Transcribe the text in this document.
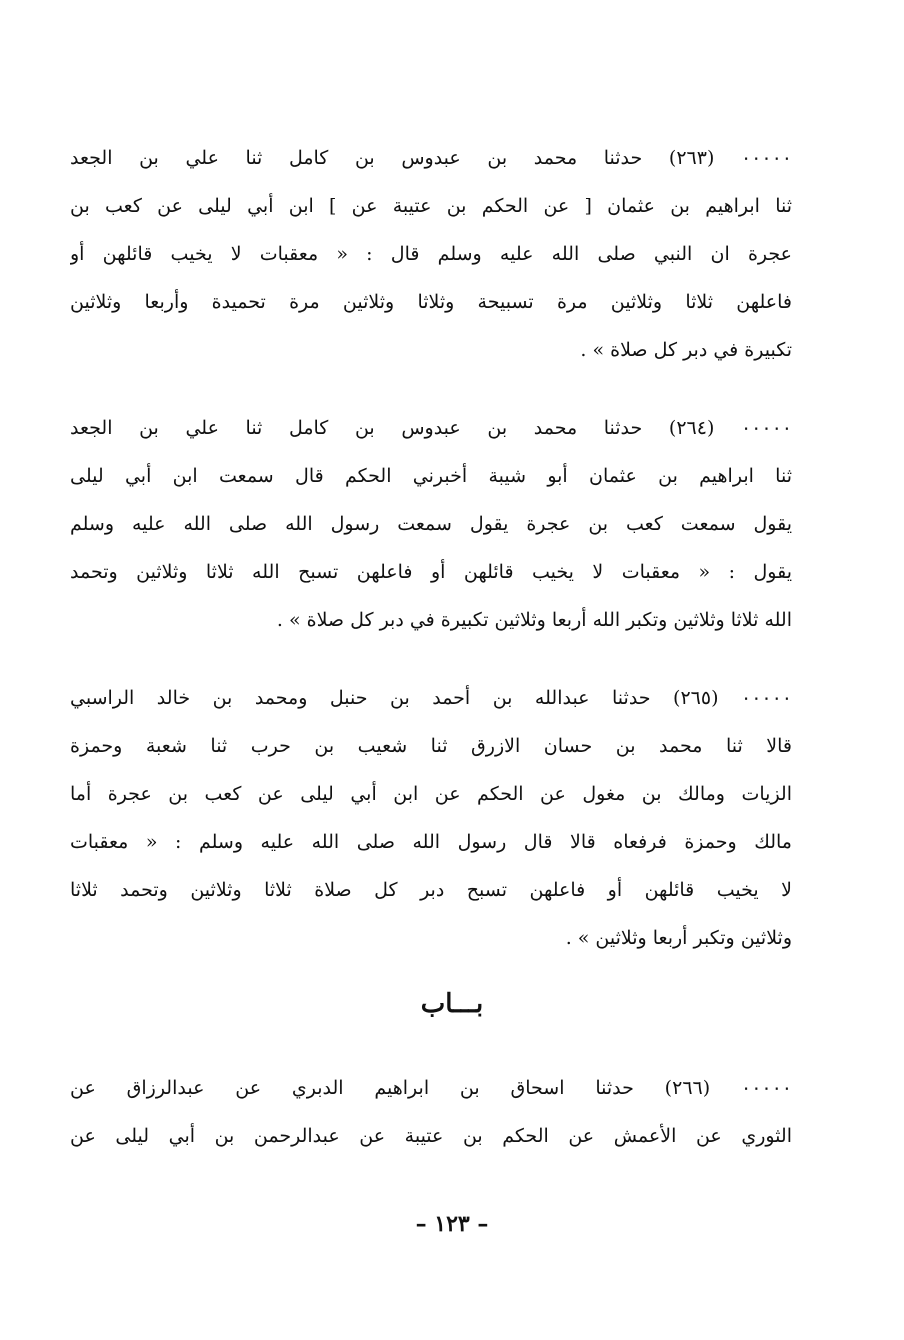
٠٠٠٠٠ (٢٦٣) حدثنا محمد بن عبدوس بن كامل ثنا علي بن الجعد
ثنا ابراهيم بن عثمان [ عن الحكم بن عتيبة عن ] ابن أبي ليلى عن كعب بن
عجرة ان النبي صلى الله عليه وسلم قال : « معقبات لا يخيب قائلهن أو
فاعلهن ثلاثا وثلاثين مرة تسبيحة وثلاثا وثلاثين مرة تحميدة وأربعا وثلاثين
تكبيرة في دبر كل صلاة » .
٠٠٠٠٠ (٢٦٤) حدثنا محمد بن عبدوس بن كامل ثنا علي بن الجعد
ثنا ابراهيم بن عثمان أبو شيبة أخبرني الحكم قال سمعت ابن أبي ليلى
يقول سمعت كعب بن عجرة يقول سمعت رسول الله صلى الله عليه وسلم
يقول : « معقبات لا يخيب قائلهن أو فاعلهن تسبح الله ثلاثا وثلاثين وتحمد
الله ثلاثا وثلاثين وتكبر الله أربعا وثلاثين تكبيرة في دبر كل صلاة » .
٠٠٠٠٠ (٢٦٥) حدثنا عبدالله بن أحمد بن حنبل ومحمد بن خالد الراسبي
قالا ثنا محمد بن حسان الازرق ثنا شعيب بن حرب ثنا شعبة وحمزة
الزيات ومالك بن مغول عن الحكم عن ابن أبي ليلى عن كعب بن عجرة أما
مالك وحمزة فرفعاه قالا قال رسول الله صلى الله عليه وسلم : « معقبات
لا يخيب قائلهن أو فاعلهن تسبح دبر كل صلاة ثلاثا وثلاثين وتحمد ثلاثا
وثلاثين وتكبر أربعا وثلاثين » .
بـــاب
٠٠٠٠٠ (٢٦٦) حدثنا اسحاق بن ابراهيم الدبري عن عبدالرزاق عن
الثوري عن الأعمش عن الحكم بن عتيبة عن عبدالرحمن بن أبي ليلى عن
– ١٢٣ –
